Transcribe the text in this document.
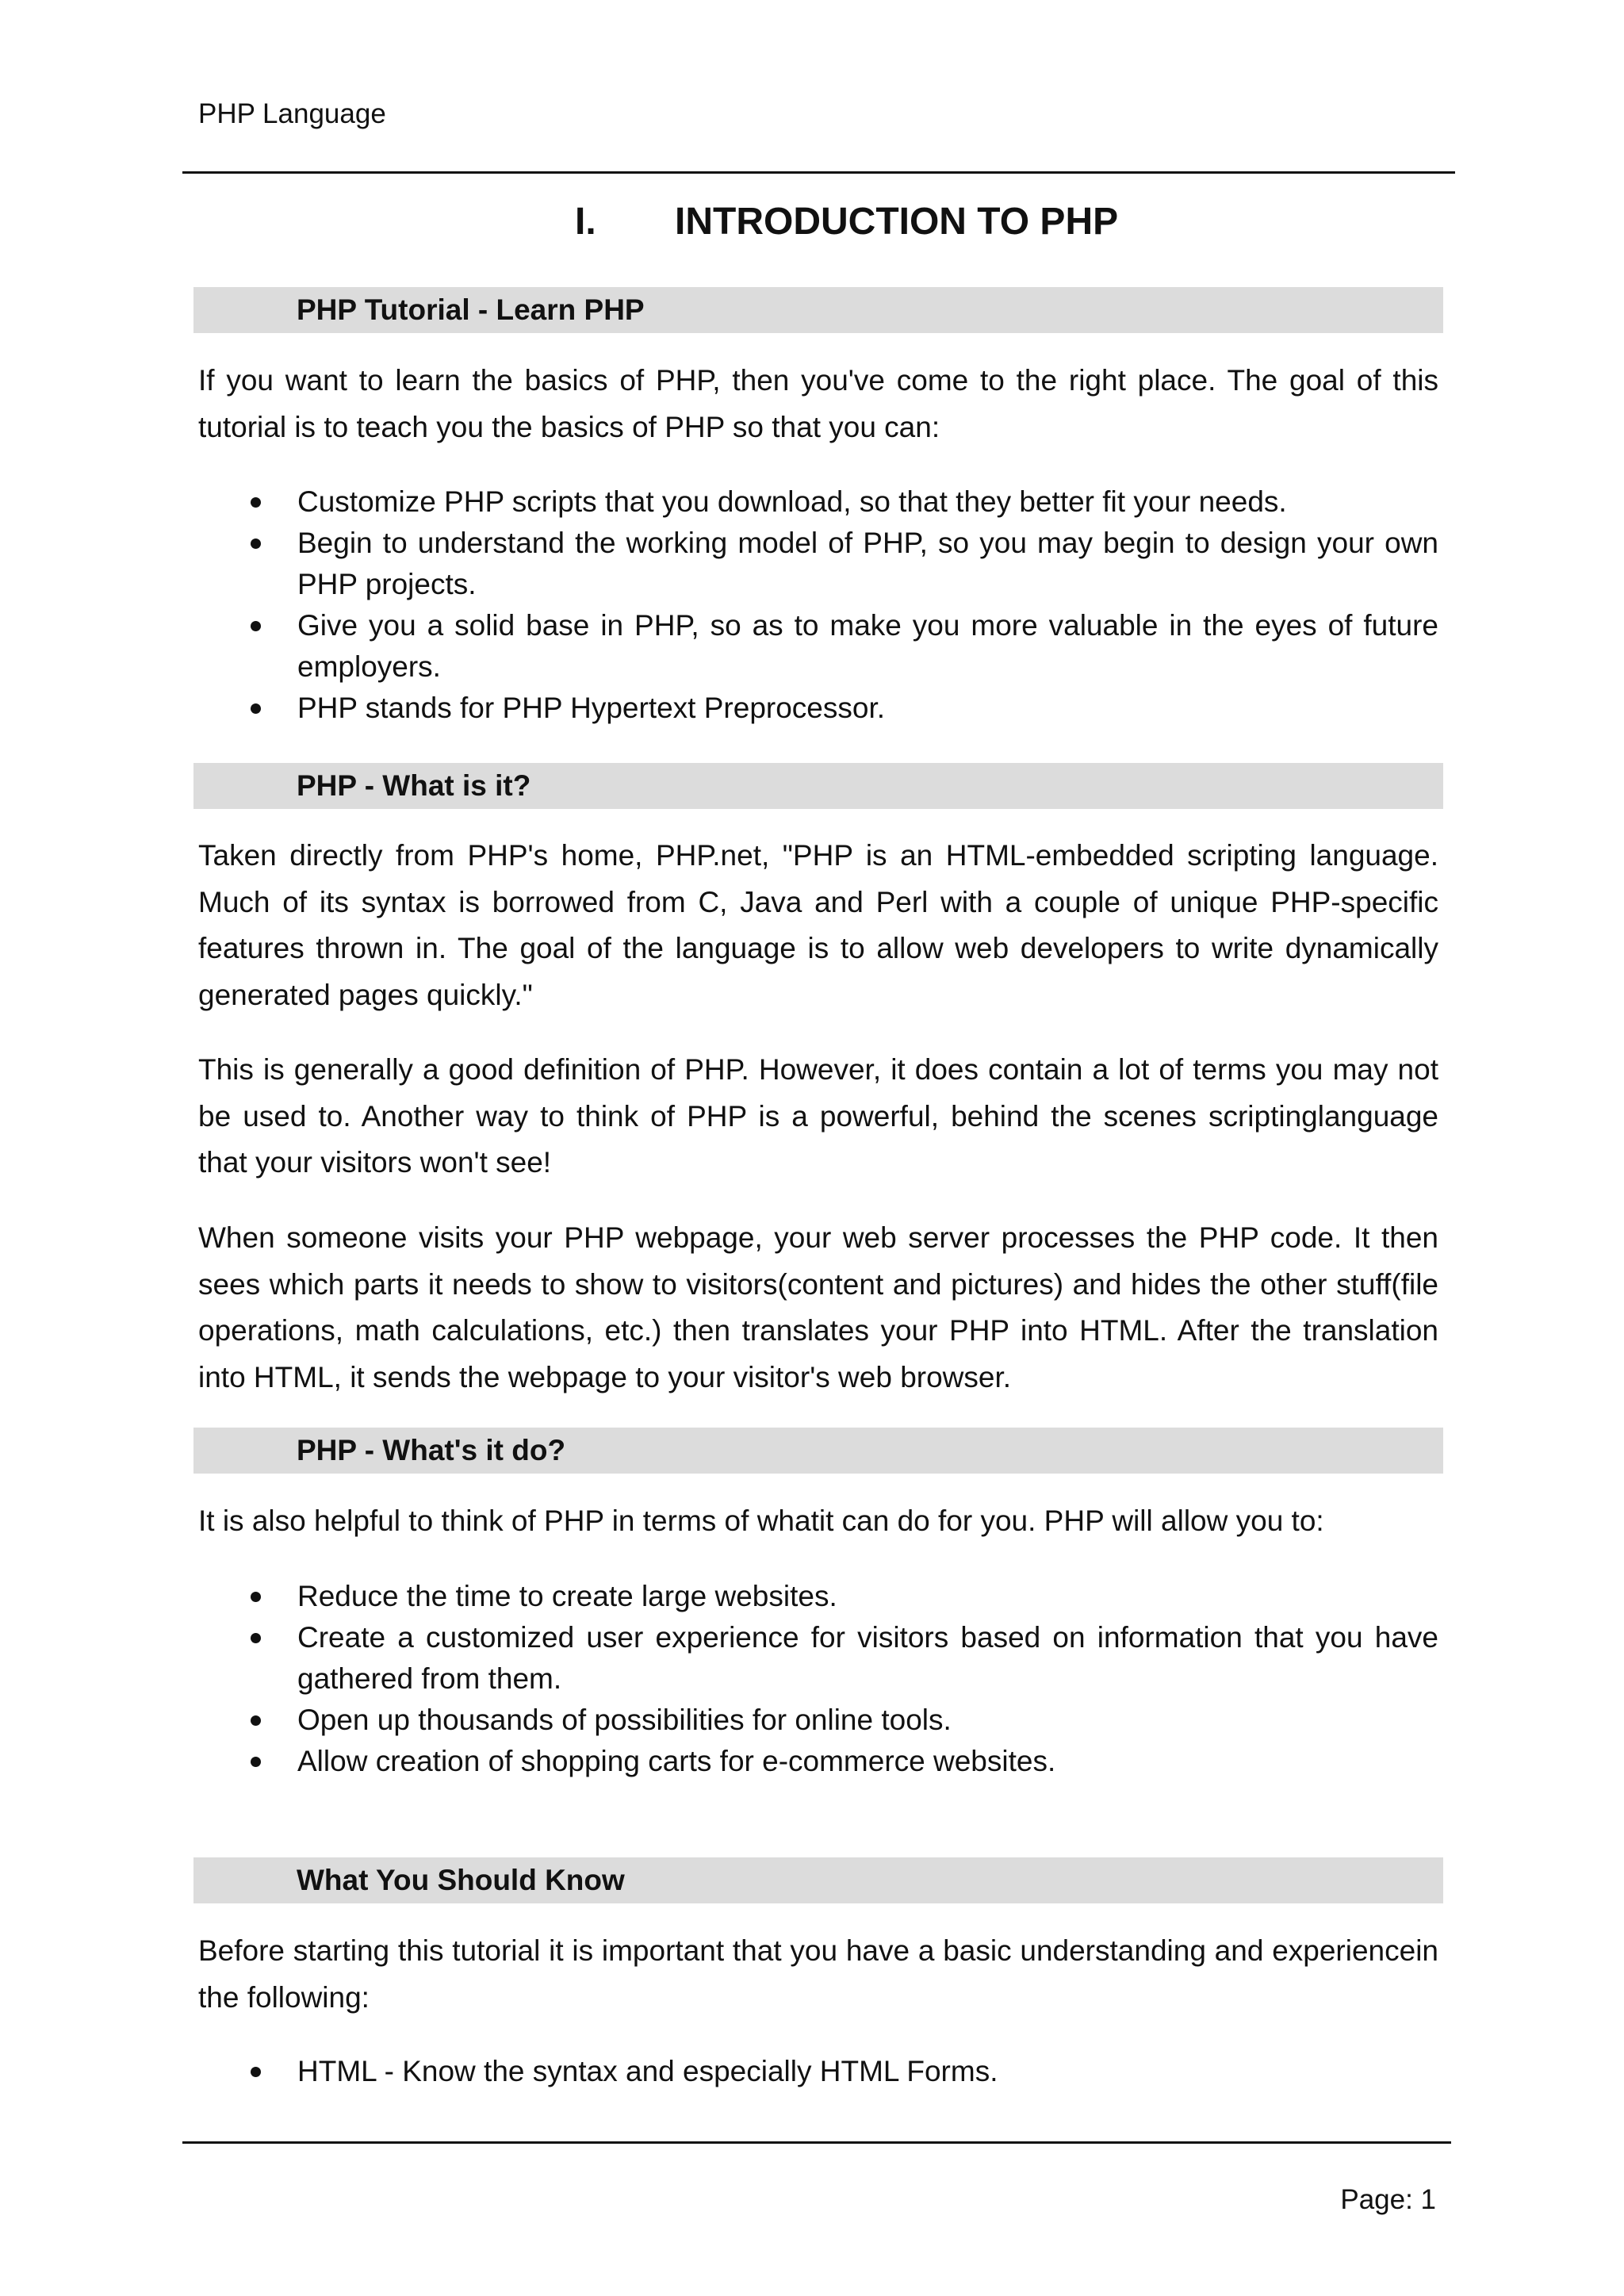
PHP Language
I. INTRODUCTION TO PHP
PHP Tutorial - Learn PHP

If you want to learn the basics of PHP, then you've come to the right place. The goal of this tutorial is to teach you the basics of PHP so that you can:

Customize PHP scripts that you download, so that they better fit your needs.
Begin to understand the working model of PHP, so you may begin to design your own PHP projects.
Give you a solid base in PHP, so as to make you more valuable in the eyes of future employers.
PHP stands for PHP Hypertext Preprocessor.
PHP - What is it?

Taken directly from PHP's home, PHP.net, "PHP is an HTML-embedded scripting language. Much of its syntax is borrowed from C, Java and Perl with a couple of unique PHP-specific features thrown in. The goal of the language is to allow web developers to write dynamically generated pages quickly."

This is generally a good definition of PHP. However, it does contain a lot of terms you may not be used to. Another way to think of PHP is a powerful, behind the scenes scriptinglanguage that your visitors won't see!

When someone visits your PHP webpage, your web server processes the PHP code. It then sees which parts it needs to show to visitors(content and pictures) and hides the other stuff(file operations, math calculations, etc.) then translates your PHP into HTML. After the translation into HTML, it sends the webpage to your visitor's web browser.

PHP - What's it do?

It is also helpful to think of PHP in terms of whatit can do for you. PHP will allow you to:

Reduce the time to create large websites.
Create a customized user experience for visitors based on information that you have gathered from them.
Open up thousands of possibilities for online tools.
Allow creation of shopping carts for e-commerce websites.
What You Should Know

Before starting this tutorial it is important that you have a basic understanding and experiencein the following:

HTML - Know the syntax and especially HTML Forms.
Page: 1
